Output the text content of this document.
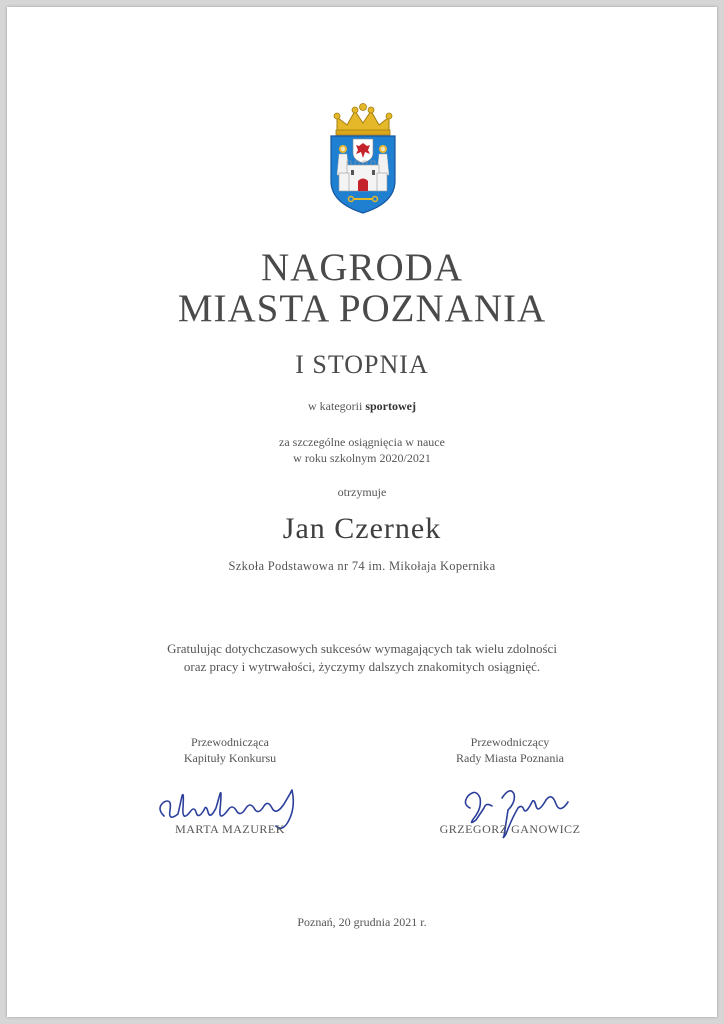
NAGRODA
MIASTA POZNANIA
I STOPNIA
w kategorii sportowej
za szczególne osiągnięcia w nauce
w roku szkolnym 2020/2021
otrzymuje
Jan Czernek
Szkoła Podstawowa nr 74 im. Mikołaja Kopernika
Gratulując dotychczasowych sukcesów wymagających tak wielu zdolności
oraz pracy i wytrwałości, życzymy dalszych znakomitych osiągnięć.
Przewodnicząca
Kapituły Konkursu
MARTA MAZUREK
Przewodniczący
Rady Miasta Poznania
GRZEGORZ GANOWICZ
Poznań, 20 grudnia 2021 r.
